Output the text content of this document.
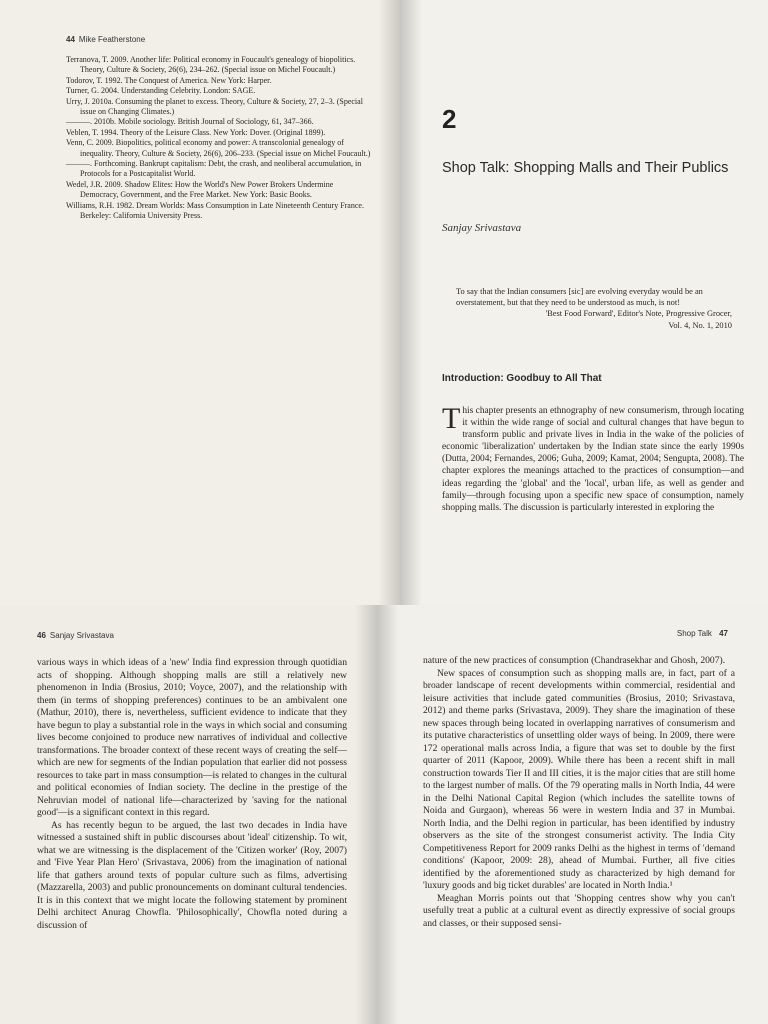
44 Mike Featherstone

Terranova, T. 2009. Another life: Political economy in Foucault's genealogy of biopolitics. Theory, Culture & Society, 26(6), 234–262. (Special issue on Michel Foucault.)

Todorov, T. 1992. The Conquest of America. New York: Harper.

Turner, G. 2004. Understanding Celebrity. London: SAGE.

Urry, J. 2010a. Consuming the planet to excess. Theory, Culture & Society, 27, 2–3. (Special issue on Changing Climates.)

———. 2010b. Mobile sociology. British Journal of Sociology, 61, 347–366.

Veblen, T. 1994. Theory of the Leisure Class. New York: Dover. (Original 1899).

Venn, C. 2009. Biopolitics, political economy and power: A transcolonial genealogy of inequality. Theory, Culture & Society, 26(6), 206–233. (Special issue on Michel Foucault.)

———. Forthcoming. Bankrupt capitalism: Debt, the crash, and neoliberal accumulation, in Protocols for a Postcapitalist World.

Wedel, J.R. 2009. Shadow Elites: How the World's New Power Brokers Undermine Democracy, Government, and the Free Market. New York: Basic Books.

Williams, R.H. 1982. Dream Worlds: Mass Consumption in Late Nineteenth Century France. Berkeley: California University Press.

2
Shop Talk: Shopping Malls and Their Publics
Sanjay Srivastava

To say that the Indian consumers [sic] are evolving everyday would be an overstatement, but that they need to be understood as much, is not!

'Best Food Forward', Editor's Note, Progressive Grocer,

Vol. 4, No. 1, 2010

Introduction: Goodbuy to All That

This chapter presents an ethnography of new consumerism, through locating it within the wide range of social and cultural changes that have begun to transform public and private lives in India in the wake of the policies of economic 'liberalization' undertaken by the Indian state since the early 1990s (Dutta, 2004; Fernandes, 2006; Guha, 2009; Kamat, 2004; Sengupta, 2008). The chapter explores the meanings attached to the practices of consumption—and ideas regarding the 'global' and the 'local', urban life, as well as gender and family—through focusing upon a specific new space of consumption, namely shopping malls. The discussion is particularly interested in exploring the

46 Sanjay Srivastava

various ways in which ideas of a 'new' India find expression through quotidian acts of shopping. Although shopping malls are still a relatively new phenomenon in India (Brosius, 2010; Voyce, 2007), and the relationship with them (in terms of shopping preferences) continues to be an ambivalent one (Mathur, 2010), there is, nevertheless, sufficient evidence to indicate that they have begun to play a substantial role in the ways in which social and consuming lives become conjoined to produce new narratives of individual and collective transformations. The broader context of these recent ways of creating the self—which are new for segments of the Indian population that earlier did not possess resources to take part in mass consumption—is related to changes in the cultural and political economies of Indian society. The decline in the prestige of the Nehruvian model of national life—characterized by 'saving for the national good'—is a significant context in this regard.

As has recently begun to be argued, the last two decades in India have witnessed a sustained shift in public discourses about 'ideal' citizenship. To wit, what we are witnessing is the displacement of the 'Citizen worker' (Roy, 2007) and 'Five Year Plan Hero' (Srivastava, 2006) from the imagination of national life that gathers around texts of popular culture such as films, advertising (Mazzarella, 2003) and public pronouncements on dominant cultural tendencies. It is in this context that we might locate the following statement by prominent Delhi architect Anurag Chowfla. 'Philosophically', Chowfla noted during a discussion of

Shop Talk 47

nature of the new practices of consumption (Chandrasekhar and Ghosh, 2007).

New spaces of consumption such as shopping malls are, in fact, part of a broader landscape of recent developments within commercial, residential and leisure activities that include gated communities (Brosius, 2010; Srivastava, 2012) and theme parks (Srivastava, 2009). They share the imagination of these new spaces through being located in overlapping narratives of consumerism and its putative characteristics of unsettling older ways of being. In 2009, there were 172 operational malls across India, a figure that was set to double by the first quarter of 2011 (Kapoor, 2009). While there has been a recent shift in mall construction towards Tier II and III cities, it is the major cities that are still home to the largest number of malls. Of the 79 operating malls in North India, 44 were in the Delhi National Capital Region (which includes the satellite towns of Noida and Gurgaon), whereas 56 were in western India and 37 in Mumbai. North India, and the Delhi region in particular, has been identified by industry observers as the site of the strongest consumerist activity. The India City Competitiveness Report for 2009 ranks Delhi as the highest in terms of 'demand conditions' (Kapoor, 2009: 28), ahead of Mumbai. Further, all five cities identified by the aforementioned study as characterized by high demand for 'luxury goods and big ticket durables' are located in North India.¹

Meaghan Morris points out that 'Shopping centres show why you can't usefully treat a public at a cultural event as directly expressive of social groups and classes, or their supposed sensi-
